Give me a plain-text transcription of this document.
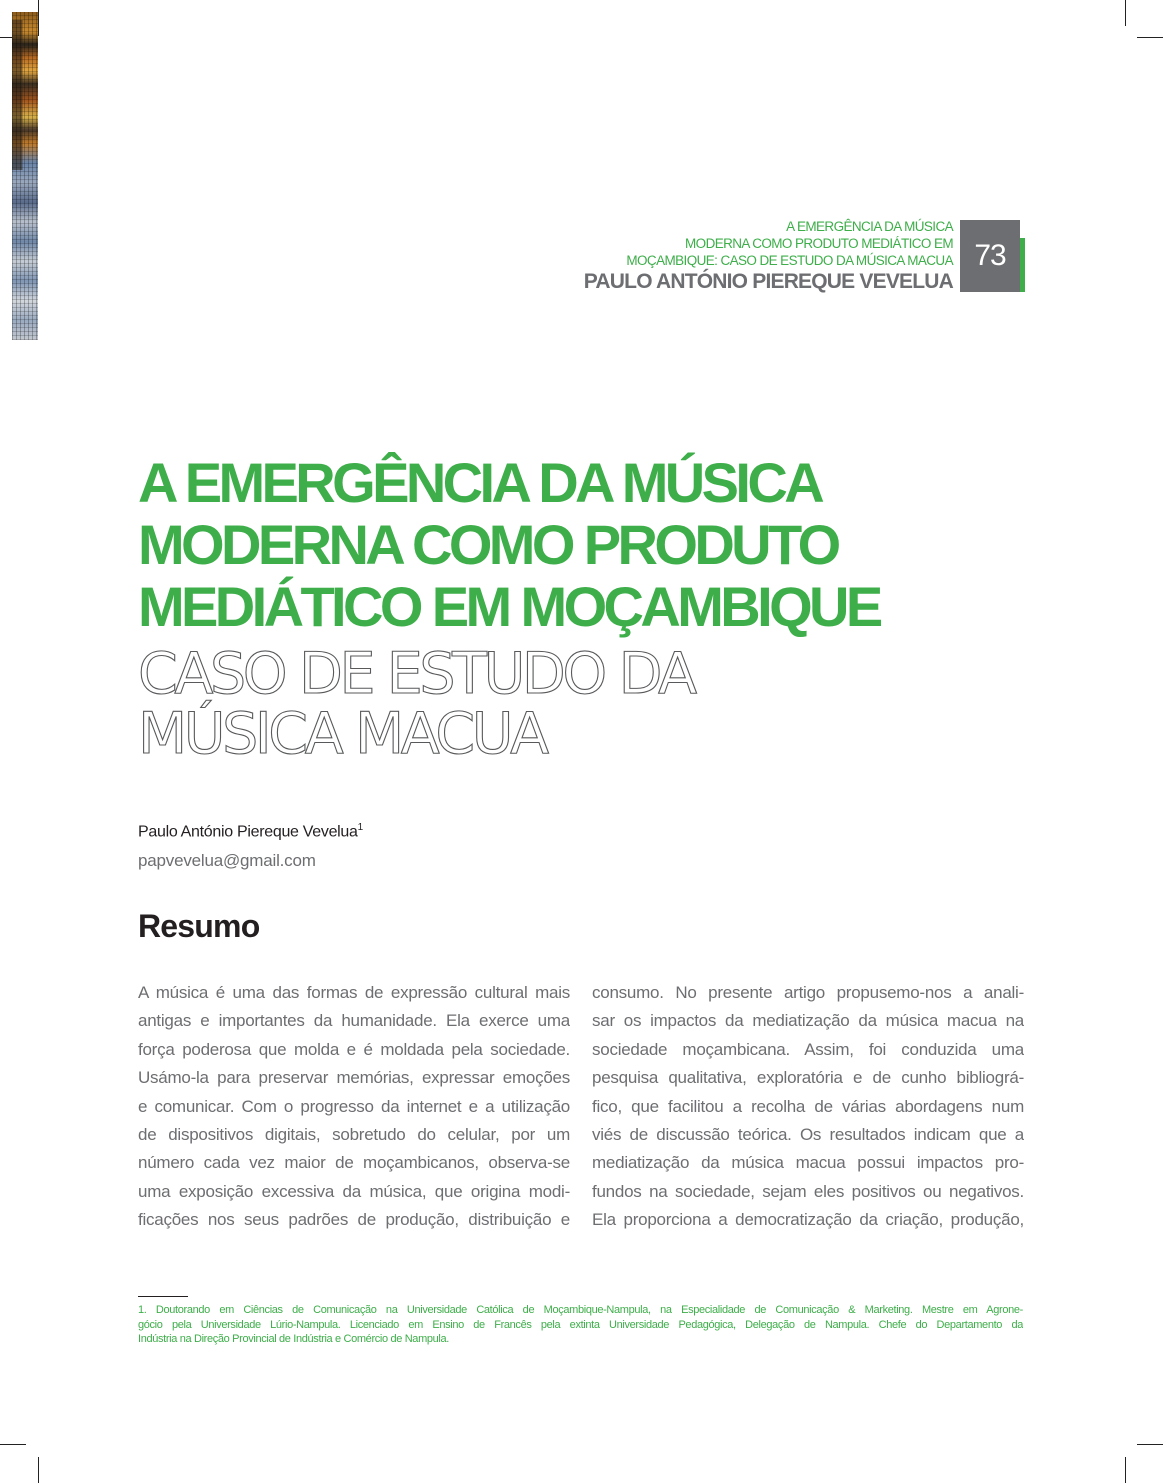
A EMERGÊNCIA DA MÚSICA
MODERNA COMO PRODUTO MEDIÁTICO EM
MOÇAMBIQUE: CASO DE ESTUDO DA MÚSICA MACUA
PAULO ANTÓNIO PIEREQUE VEVELUA
73
A EMERGÊNCIA DA MÚSICA
MODERNA COMO PRODUTO
MEDIÁTICO EM MOÇAMBIQUE
CASO DE ESTUDO DA
MÚSICA MACUA
Paulo António Piereque Vevelua$^1$
papvevelua@gmail.com
Resumo
A música é uma das formas de expressão cultural mais
antigas e importantes da humanidade. Ela exerce uma
força poderosa que molda e é moldada pela sociedade.
Usámo-la para preservar memórias, expressar emoções
e comunicar. Com o progresso da internet e a utilização
de dispositivos digitais, sobretudo do celular, por um
número cada vez maior de moçambicanos, observa-se
uma exposição excessiva da música, que origina modi-
ficações nos seus padrões de produção, distribuição e
consumo. No presente artigo propusemo-nos a anali-
sar os impactos da mediatização da música macua na
sociedade moçambicana. Assim, foi conduzida uma
pesquisa qualitativa, exploratória e de cunho bibliográ-
fico, que facilitou a recolha de várias abordagens num
viés de discussão teórica. Os resultados indicam que a
mediatização da música macua possui impactos pro-
fundos na sociedade, sejam eles positivos ou negativos.
Ela proporciona a democratização da criação, produção,
1. Doutorando em Ciências de Comunicação na Universidade Católica de Moçambique-Nampula, na Especialidade de Comunicação & Marketing. Mestre em Agrone-
gócio pela Universidade Lúrio-Nampula. Licenciado em Ensino de Francês pela extinta Universidade Pedagógica, Delegação de Nampula. Chefe do Departamento da
Indústria na Direção Provincial de Indústria e Comércio de Nampula.
